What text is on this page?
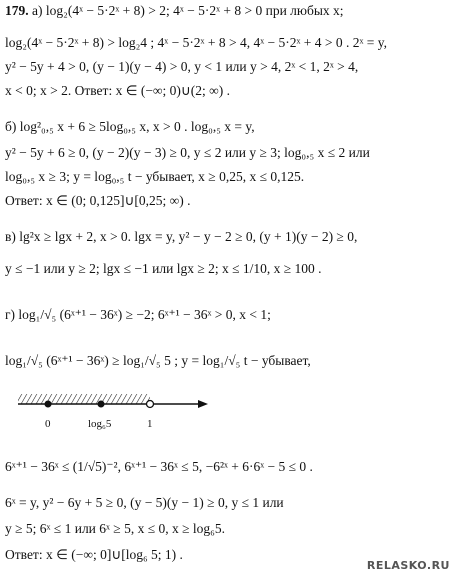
179. а) log₂(4ˣ − 5·2ˣ + 8) > 2; 4ˣ − 5·2ˣ + 8 > 0 при любых x;
log₂(4ˣ − 5·2ˣ + 8) > log₂4 ; 4ˣ − 5·2ˣ + 8 > 4, 4ˣ − 5·2ˣ + 4 > 0 . 2ˣ = y,
y² − 5y + 4 > 0, (y − 1)(y − 4) > 0, y < 1 или y > 4, 2ˣ < 1, 2ˣ > 4,
x < 0; x > 2. Ответ: x ∈ (−∞; 0)∪(2; ∞) .
б) log²₀,₅ x + 6 ≥ 5log₀,₅ x, x > 0 . log₀,₅ x = y,
y² − 5y + 6 ≥ 0, (y − 2)(y − 3) ≥ 0, y ≤ 2 или y ≥ 3; log₀,₅ x ≤ 2 или
log₀,₅ x ≥ 3; y = log₀,₅ t − убывает, x ≥ 0,25, x ≤ 0,125.
Ответ: x ∈ (0; 0,125]∪[0,25; ∞) .
в) lg²x ≥ lgx + 2, x > 0. lgx = y, y² − y − 2 ≥ 0, (y + 1)(y − 2) ≥ 0,
y ≤ −1 или y ≥ 2; lgx ≤ −1 или lgx ≥ 2; x ≤ 1/10, x ≥ 100 .
г) log₁/√₅ (6ˣ⁺¹ − 36ˣ) ≥ −2; 6ˣ⁺¹ − 36ˣ > 0, x < 1;
log₁/√₅ (6ˣ⁺¹ − 36ˣ) ≥ log₁/√₅ 5 ; y = log₁/√₅ t − убывает,
0	log₆5	1
6ˣ⁺¹ − 36ˣ ≤ (1/√5)⁻², 6ˣ⁺¹ − 36ˣ ≤ 5, −6²ˣ + 6·6ˣ − 5 ≤ 0 .
6ˣ = y, y² − 6y + 5 ≥ 0, (y − 5)(y − 1) ≥ 0, y ≤ 1 или
y ≥ 5; 6ˣ ≤ 1 или 6ˣ ≥ 5, x ≤ 0, x ≥ log₆5.
Ответ: x ∈ (−∞; 0]∪[log₆ 5; 1) .
RELASKO.RU
